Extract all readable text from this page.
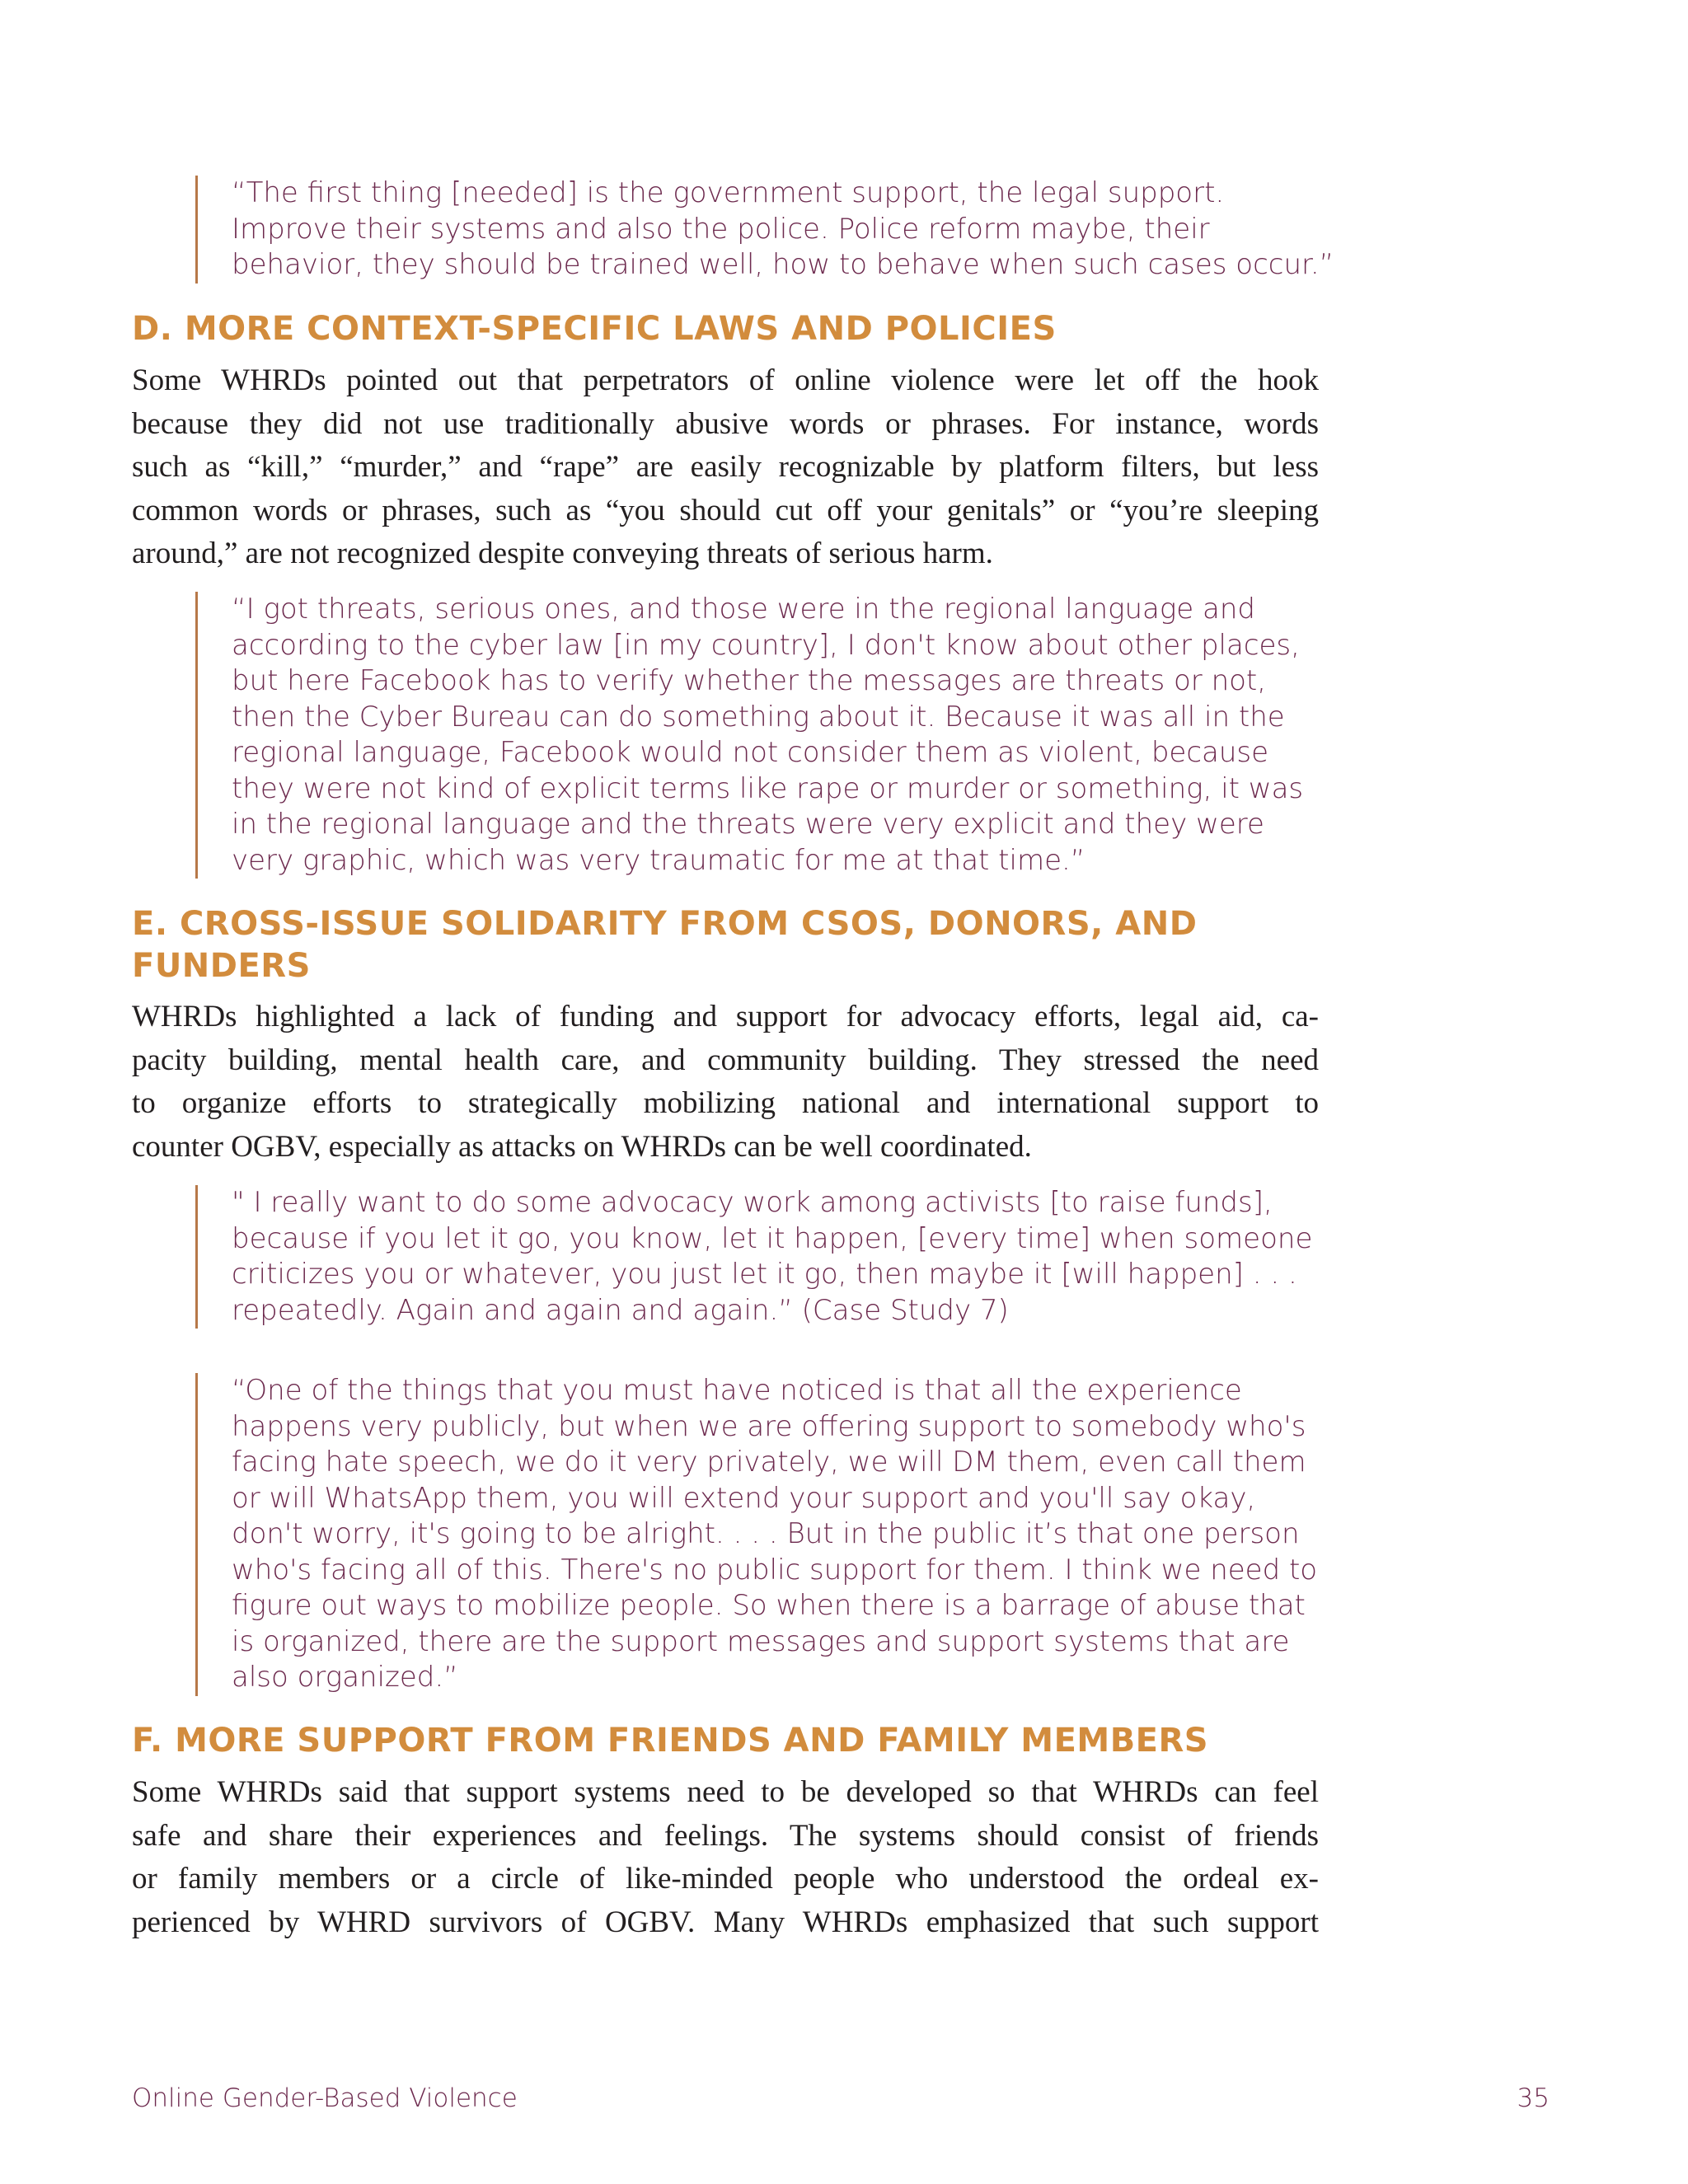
“The first thing [needed] is the government support, the legal support.
Improve their systems and also the police. Police reform maybe, their
behavior, they should be trained well, how to behave when such cases occur.”
D. MORE CONTEXT-SPECIFIC LAWS AND POLICIES
Some WHRDs pointed out that perpetrators of online violence were let off the hook
because they did not use traditionally abusive words or phrases. For instance, words
such as “kill,” “murder,” and “rape” are easily recognizable by platform filters, but less
common words or phrases, such as “you should cut off your genitals” or “you’re sleeping
around,” are not recognized despite conveying threats of serious harm.
“I got threats, serious ones, and those were in the regional language and
according to the cyber law [in my country], I don't know about other places,
but here Facebook has to verify whether the messages are threats or not,
then the Cyber Bureau can do something about it. Because it was all in the
regional language, Facebook would not consider them as violent, because
they were not kind of explicit terms like rape or murder or something, it was
in the regional language and the threats were very explicit and they were
very graphic, which was very traumatic for me at that time.”
E. CROSS-ISSUE SOLIDARITY FROM CSOS, DONORS, AND
FUNDERS
WHRDs highlighted a lack of funding and support for advocacy efforts, legal aid, ca-
pacity building, mental health care, and community building. They stressed the need
to organize efforts to strategically mobilizing national and international support to
counter OGBV, especially as attacks on WHRDs can be well coordinated.
" I really want to do some advocacy work among activists [to raise funds],
because if you let it go, you know, let it happen, [every time] when someone
criticizes you or whatever, you just let it go, then maybe it [will happen] . . .
repeatedly. Again and again and again.” (Case Study 7)
“One of the things that you must have noticed is that all the experience
happens very publicly, but when we are offering support to somebody who's
facing hate speech, we do it very privately, we will DM them, even call them
or will WhatsApp them, you will extend your support and you'll say okay,
don't worry, it's going to be alright. . . . But in the public it’s that one person
who's facing all of this. There's no public support for them. I think we need to
figure out ways to mobilize people. So when there is a barrage of abuse that
is organized, there are the support messages and support systems that are
also organized.”
F. MORE SUPPORT FROM FRIENDS AND FAMILY MEMBERS
Some WHRDs said that support systems need to be developed so that WHRDs can feel
safe and share their experiences and feelings. The systems should consist of friends
or family members or a circle of like-minded people who understood the ordeal ex-
perienced by WHRD survivors of OGBV. Many WHRDs emphasized that such support
Online Gender-Based Violence	35
